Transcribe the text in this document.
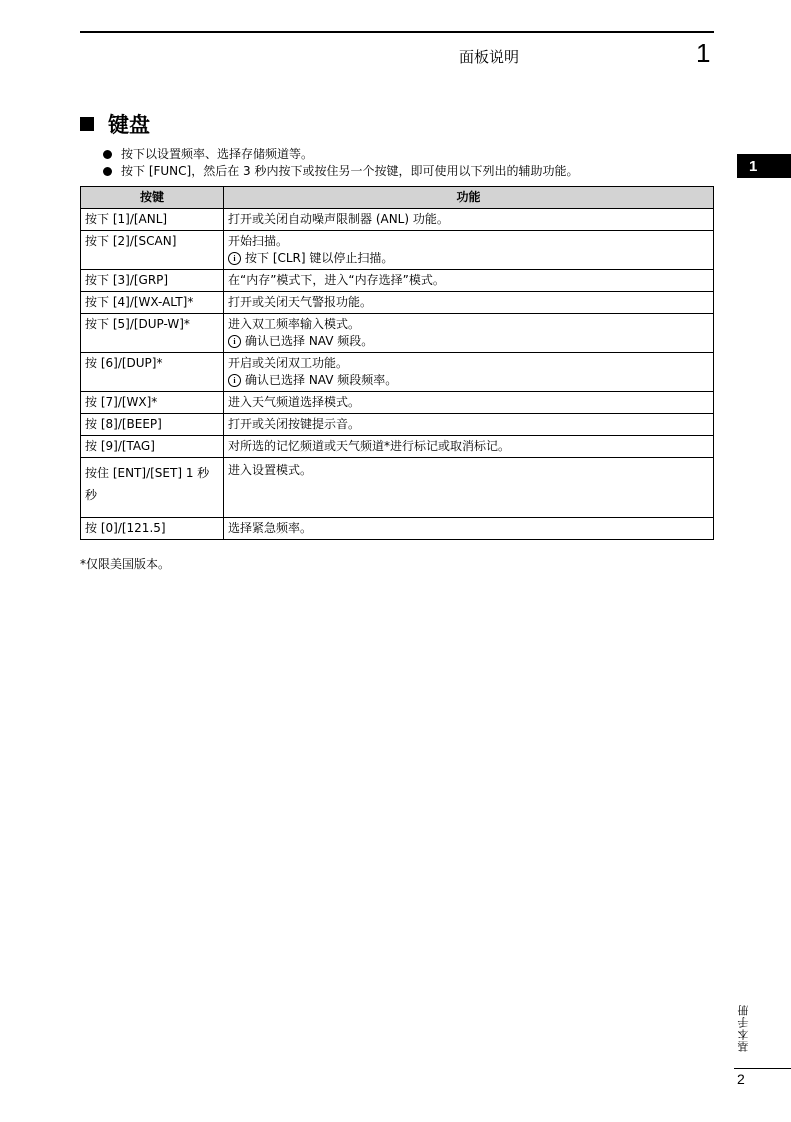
面板说明	1
键盘
按下以设置频率、选择存储频道等。
按下 [FUNC]，然后在 3 秒内按下或按住另一个按键，即可使用以下列出的辅助功能。
按键	功能
按下 [1]/[ANL]	打开或关闭自动噪声限制器 (ANL) 功能。

按下 [2]/[SCAN]	开始扫描。
i 按下 [CLR] 键以停止扫描。

按下 [3]/[GRP]	在“内存”模式下，进入“内存选择”模式。

按下 [4]/[WX-ALT]*	打开或关闭天气警报功能。

按下 [5]/[DUP-W]*	进入双工频率输入模式。
i 确认已选择 NAV 频段。

按 [6]/[DUP]*	开启或关闭双工功能。
i 确认已选择 NAV 频段频率。

按 [7]/[WX]*	进入天气频道选择模式。

按 [8]/[BEEP]	打开或关闭按键提示音。

按 [9]/[TAG]	对所选的记忆频道或天气频道*进行标记或取消标记。

按住 [ENT]/[SET] 1 秒秒	进入设置模式。

按 [0]/[121.5]	选择紧急频率。
*仅限美国版本。
1
基本手册
2
